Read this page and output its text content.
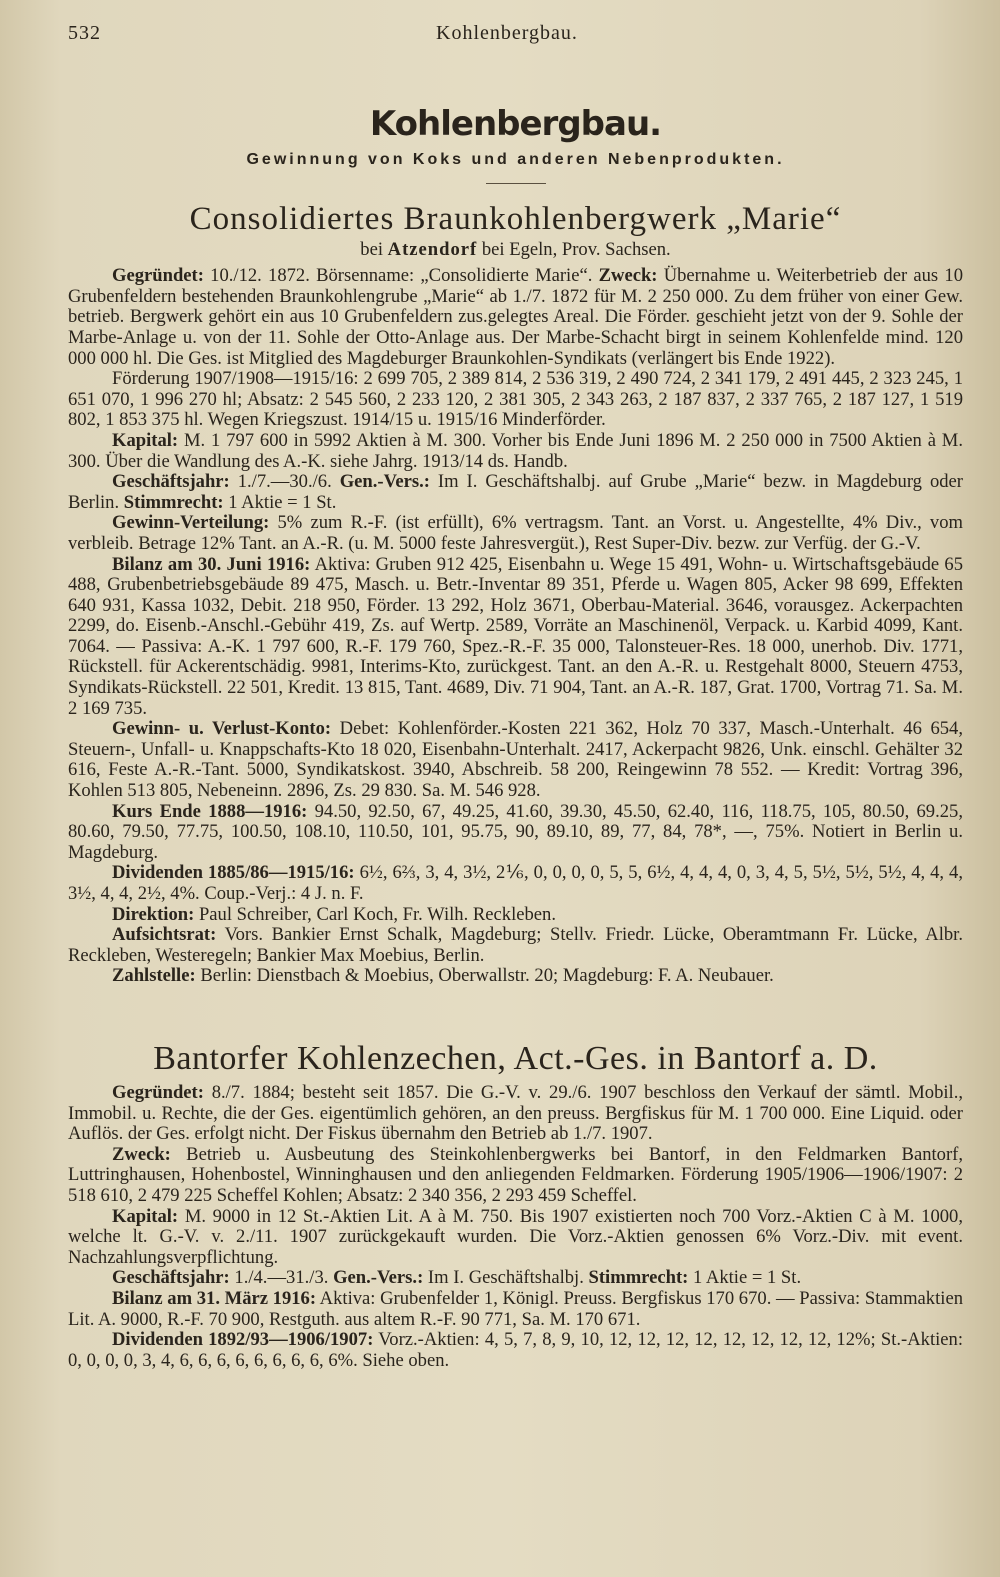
532	Kohlenbergbau.
Kohlenbergbau.
Gewinnung von Koks und anderen Nebenprodukten.
Consolidiertes Braunkohlenbergwerk „Marie“
bei Atzendorf bei Egeln, Prov. Sachsen.

Gegründet: 10./12. 1872. Börsenname: „Consolidierte Marie“. Zweck: Übernahme u. Weiterbetrieb der aus 10 Grubenfeldern bestehenden Braunkohlengrube „Marie“ ab 1./7. 1872 für M. 2 250 000. Zu dem früher von einer Gew. betrieb. Bergwerk gehört ein aus 10 Grubenfeldern zus.gelegtes Areal. Die Förder. geschieht jetzt von der 9. Sohle der Marbe-Anlage u. von der 11. Sohle der Otto-Anlage aus. Der Marbe-Schacht birgt in seinem Kohlenfelde mind. 120 000 000 hl. Die Ges. ist Mitglied des Magdeburger Braunkohlen-Syndikats (verlängert bis Ende 1922).

Förderung 1907/1908—1915/16: 2 699 705, 2 389 814, 2 536 319, 2 490 724, 2 341 179, 2 491 445, 2 323 245, 1 651 070, 1 996 270 hl; Absatz: 2 545 560, 2 233 120, 2 381 305, 2 343 263, 2 187 837, 2 337 765, 2 187 127, 1 519 802, 1 853 375 hl. Wegen Kriegszust. 1914/15 u. 1915/16 Minderförder.

Kapital: M. 1 797 600 in 5992 Aktien à M. 300. Vorher bis Ende Juni 1896 M. 2 250 000 in 7500 Aktien à M. 300. Über die Wandlung des A.-K. siehe Jahrg. 1913/14 ds. Handb.

Geschäftsjahr: 1./7.—30./6. Gen.-Vers.: Im I. Geschäftshalbj. auf Grube „Marie“ bezw. in Magdeburg oder Berlin. Stimmrecht: 1 Aktie = 1 St.

Gewinn-Verteilung: 5% zum R.-F. (ist erfüllt), 6% vertragsm. Tant. an Vorst. u. Angestellte, 4% Div., vom verbleib. Betrage 12% Tant. an A.-R. (u. M. 5000 feste Jahresvergüt.), Rest Super-Div. bezw. zur Verfüg. der G.-V.

Bilanz am 30. Juni 1916: Aktiva: Gruben 912 425, Eisenbahn u. Wege 15 491, Wohn- u. Wirtschaftsgebäude 65 488, Grubenbetriebsgebäude 89 475, Masch. u. Betr.-Inventar 89 351, Pferde u. Wagen 805, Acker 98 699, Effekten 640 931, Kassa 1032, Debit. 218 950, Förder. 13 292, Holz 3671, Oberbau-Material. 3646, vorausgez. Ackerpachten 2299, do. Eisenb.-Anschl.-Gebühr 419, Zs. auf Wertp. 2589, Vorräte an Maschinenöl, Verpack. u. Karbid 4099, Kant. 7064. — Passiva: A.-K. 1 797 600, R.-F. 179 760, Spez.-R.-F. 35 000, Talonsteuer-Res. 18 000, unerhob. Div. 1771, Rückstell. für Ackerentschädig. 9981, Interims-Kto, zurückgest. Tant. an den A.-R. u. Restgehalt 8000, Steuern 4753, Syndikats-Rückstell. 22 501, Kredit. 13 815, Tant. 4689, Div. 71 904, Tant. an A.-R. 187, Grat. 1700, Vortrag 71. Sa. M. 2 169 735.

Gewinn- u. Verlust-Konto: Debet: Kohlenförder.-Kosten 221 362, Holz 70 337, Masch.-Unterhalt. 46 654, Steuern-, Unfall- u. Knappschafts-Kto 18 020, Eisenbahn-Unterhalt. 2417, Ackerpacht 9826, Unk. einschl. Gehälter 32 616, Feste A.-R.-Tant. 5000, Syndikatskost. 3940, Abschreib. 58 200, Reingewinn 78 552. — Kredit: Vortrag 396, Kohlen 513 805, Nebeneinn. 2896, Zs. 29 830. Sa. M. 546 928.

Kurs Ende 1888—1916: 94.50, 92.50, 67, 49.25, 41.60, 39.30, 45.50, 62.40, 116, 118.75, 105, 80.50, 69.25, 80.60, 79.50, 77.75, 100.50, 108.10, 110.50, 101, 95.75, 90, 89.10, 89, 77, 84, 78*, —, 75%. Notiert in Berlin u. Magdeburg.

Dividenden 1885/86—1915/16: 6½, 6⅔, 3, 4, 3½, 2⅙, 0, 0, 0, 0, 5, 5, 6½, 4, 4, 4, 0, 3, 4, 5, 5½, 5½, 5½, 4, 4, 4, 3½, 4, 4, 2½, 4%. Coup.-Verj.: 4 J. n. F.

Direktion: Paul Schreiber, Carl Koch, Fr. Wilh. Reckleben.

Aufsichtsrat: Vors. Bankier Ernst Schalk, Magdeburg; Stellv. Friedr. Lücke, Oberamtmann Fr. Lücke, Albr. Reckleben, Westeregeln; Bankier Max Moebius, Berlin.

Zahlstelle: Berlin: Dienstbach & Moebius, Oberwallstr. 20; Magdeburg: F. A. Neubauer.

Bantorfer Kohlenzechen, Act.-Ges. in Bantorf a. D.

Gegründet: 8./7. 1884; besteht seit 1857. Die G.-V. v. 29./6. 1907 beschloss den Verkauf der sämtl. Mobil., Immobil. u. Rechte, die der Ges. eigentümlich gehören, an den preuss. Bergfiskus für M. 1 700 000. Eine Liquid. oder Auflös. der Ges. erfolgt nicht. Der Fiskus übernahm den Betrieb ab 1./7. 1907.

Zweck: Betrieb u. Ausbeutung des Steinkohlenbergwerks bei Bantorf, in den Feldmarken Bantorf, Luttringhausen, Hohenbostel, Winninghausen und den anliegenden Feldmarken. Förderung 1905/1906—1906/1907: 2 518 610, 2 479 225 Scheffel Kohlen; Absatz: 2 340 356, 2 293 459 Scheffel.

Kapital: M. 9000 in 12 St.-Aktien Lit. A à M. 750. Bis 1907 existierten noch 700 Vorz.-Aktien C à M. 1000, welche lt. G.-V. v. 2./11. 1907 zurückgekauft wurden. Die Vorz.-Aktien genossen 6% Vorz.-Div. mit event. Nachzahlungsverpflichtung.

Geschäftsjahr: 1./4.—31./3. Gen.-Vers.: Im I. Geschäftshalbj. Stimmrecht: 1 Aktie = 1 St.

Bilanz am 31. März 1916: Aktiva: Grubenfelder 1, Königl. Preuss. Bergfiskus 170 670. — Passiva: Stammaktien Lit. A. 9000, R.-F. 70 900, Restguth. aus altem R.-F. 90 771, Sa. M. 170 671.

Dividenden 1892/93—1906/1907: Vorz.-Aktien: 4, 5, 7, 8, 9, 10, 12, 12, 12, 12, 12, 12, 12, 12, 12%; St.-Aktien: 0, 0, 0, 0, 3, 4, 6, 6, 6, 6, 6, 6, 6, 6, 6%. Siehe oben.
